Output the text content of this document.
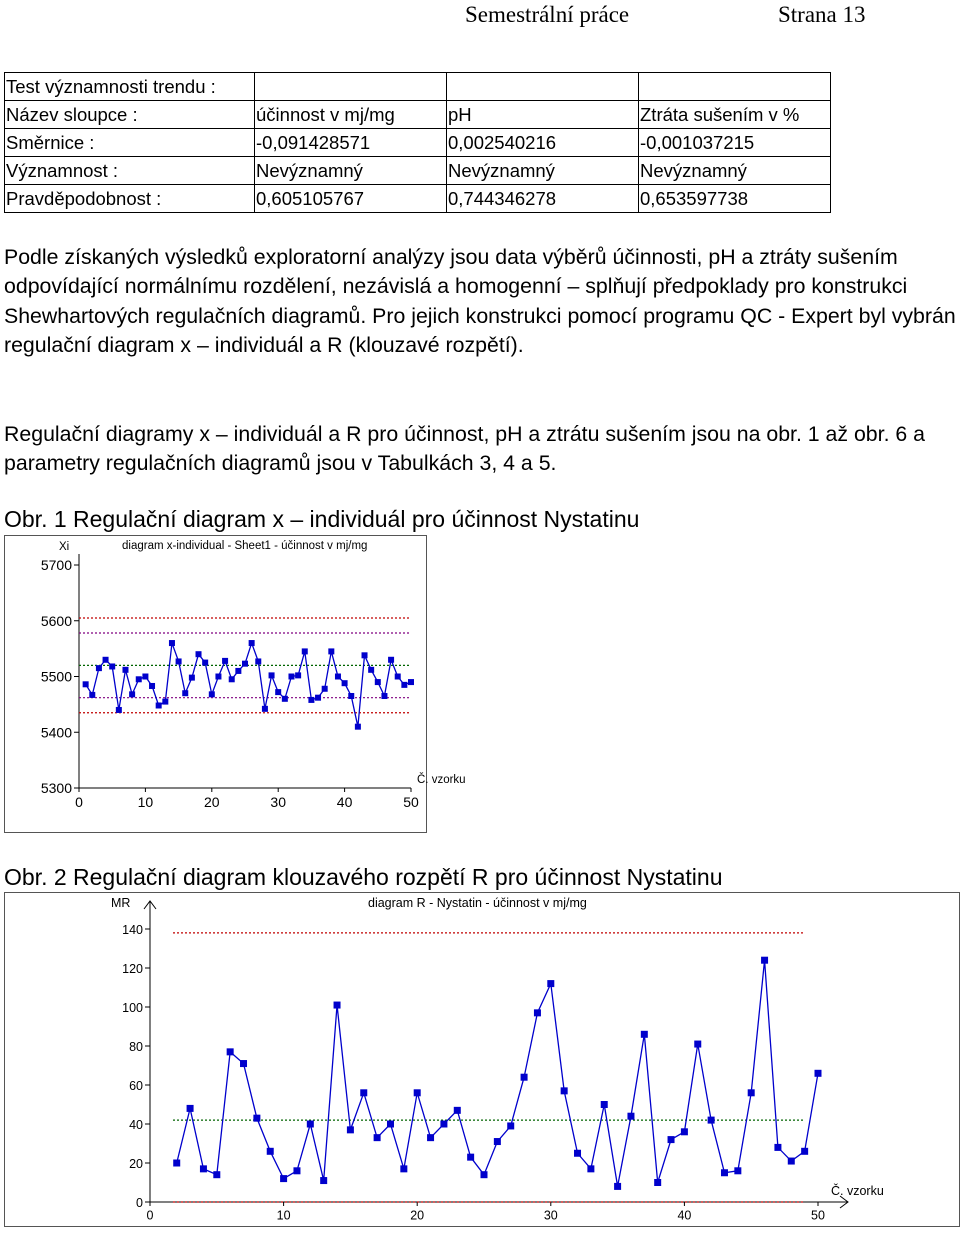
Semestrální práce	Strana 13
Test významnosti trendu :			
Název sloupce :	účinnost v mj/mg	pH	Ztráta sušením v %
Směrnice :	-0,091428571	0,002540216	-0,001037215
Významnost :	Nevýznamný	Nevýznamný	Nevýznamný
Pravděpodobnost :	0,605105767	0,744346278	0,653597738
Podle získaných výsledků exploratorní analýzy jsou data výběrů účinnosti, pH a ztráty sušením odpovídající normálnímu rozdělení, nezávislá a homogenní – splňují předpoklady pro konstrukci Shewhartových regulačních diagramů. Pro jejich konstrukci pomocí programu QC - Expert byl vybrán regulační diagram x – individuál a R (klouzavé rozpětí).
Regulační diagramy x – individuál a R pro účinnost, pH a ztrátu sušením jsou na obr. 1 až obr. 6 a parametry regulačních diagramů jsou v Tabulkách 3, 4 a 5.
Obr. 1 Regulační diagram x – individuál pro účinnost Nystatinu
5300
5400
5500
5600
5700
0	10	20	30	40	50
Xi	diagram x-individual - Sheet1 - účinnost v mj/mg
Č. vzorku
Obr. 2 Regulační diagram klouzavého rozpětí R pro účinnost Nystatinu
0
20
40
60
80
100
120
140
0	10	20	30	40	50
MR	diagram R - Nystatin - účinnost v mj/mg
Č. vzorku
